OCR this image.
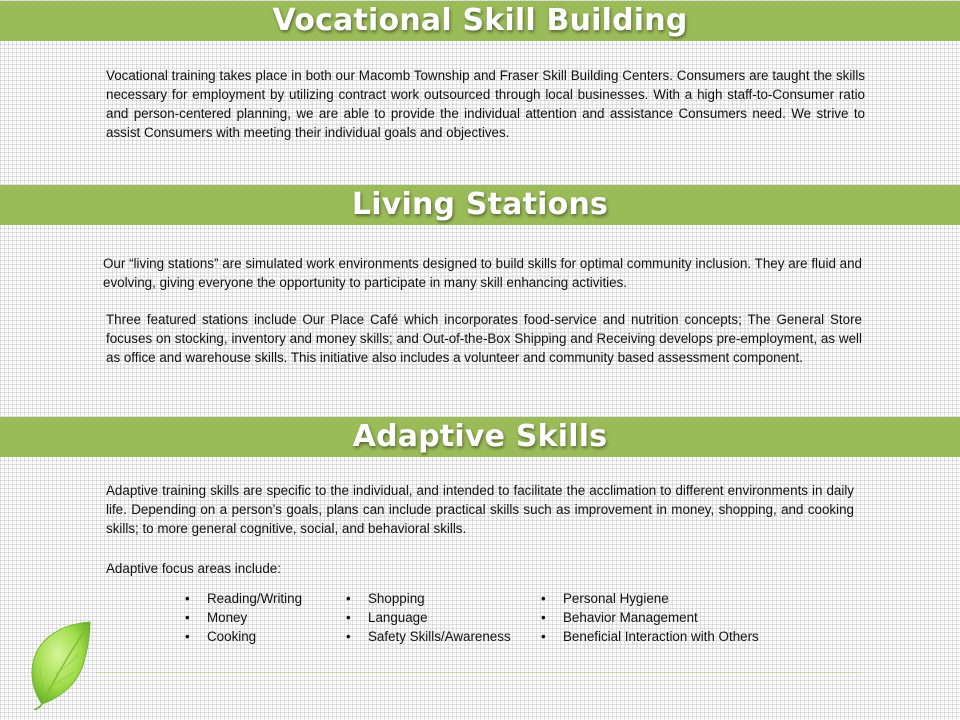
Vocational Skill Building

Vocational training takes place in both our Macomb Township and Fraser Skill Building Centers. Consumers are taught the skills necessary for employment by utilizing contract work outsourced through local businesses. With a high staff-to-Consumer ratio and person-centered planning, we are able to provide the individual attention and assistance Consumers need. We strive to assist Consumers with meeting their individual goals and objectives.

Living Stations

Our “living stations” are simulated work environments designed to build skills for optimal community inclusion. They are fluid and evolving, giving everyone the opportunity to participate in many skill enhancing activities.

Three featured stations include Our Place Café which incorporates food-service and nutrition concepts; The General Store focuses on stocking, inventory and money skills; and Out-of-the-Box Shipping and Receiving develops pre-employment, as well as office and warehouse skills. This initiative also includes a volunteer and community based assessment component.

Adaptive Skills

Adaptive training skills are specific to the individual, and intended to facilitate the acclimation to different environments in daily life. Depending on a person’s goals, plans can include practical skills such as improvement in money, shopping, and cooking skills; to more general cognitive, social, and behavioral skills.

Adaptive focus areas include:

• Reading/Writing
• Money
• Cooking
• Shopping
• Language
• Safety Skills/Awareness
• Personal Hygiene
• Behavior Management
• Beneficial Interaction with Others
